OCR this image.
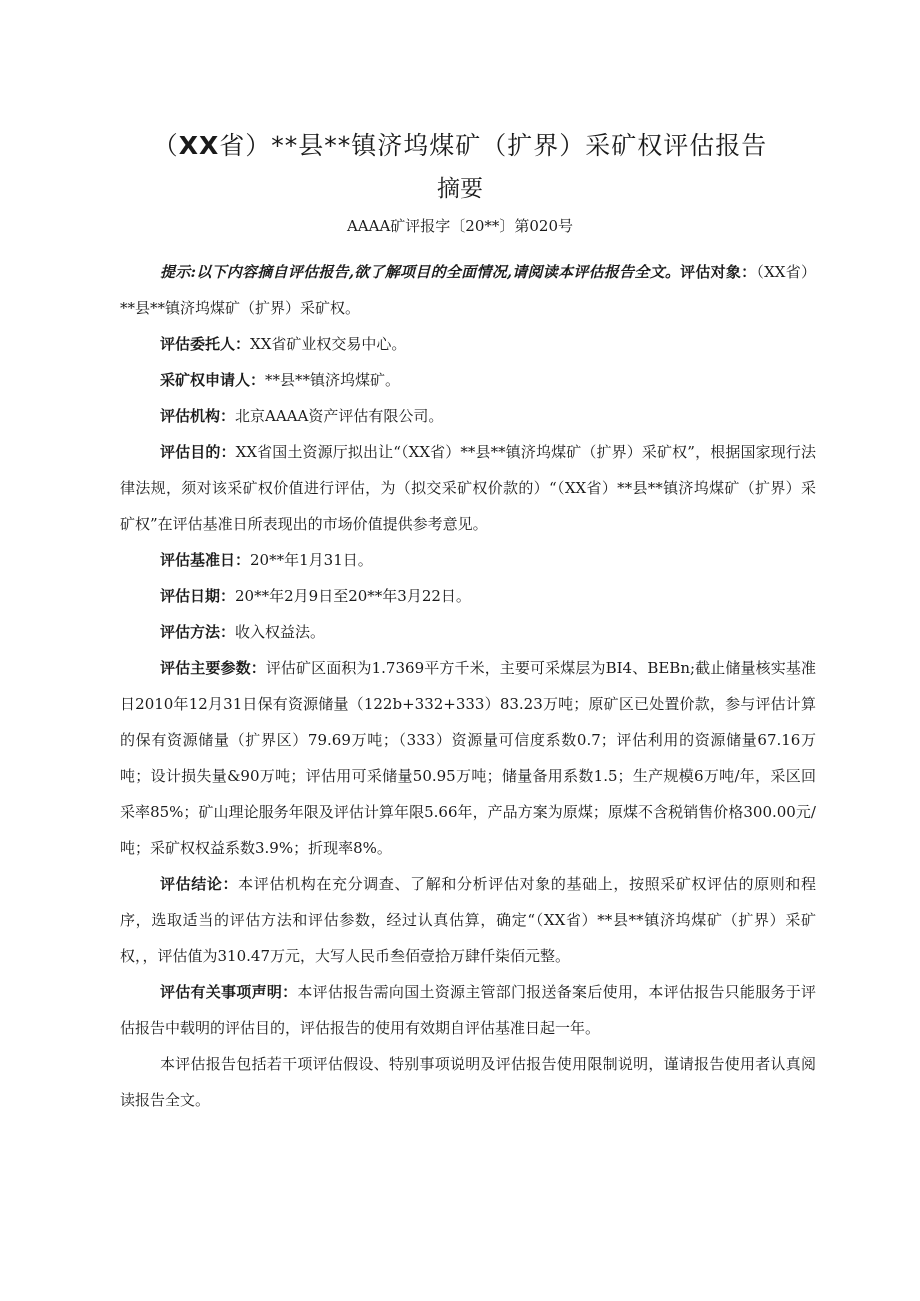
（XX省）**县**镇济坞煤矿（扩界）采矿权评估报告
摘要
AAAA矿评报字〔20**〕第020号

提示:以下内容摘自评估报告,欲了解项目的全面情况,请阅读本评估报告全文。评估对象：（XX省）**县**镇济坞煤矿（扩界）采矿权。

评估委托人：XX省矿业权交易中心。

采矿权申请人：**县**镇济坞煤矿。

评估机构：北京AAAA资产评估有限公司。

评估目的：XX省国土资源厅拟出让“（XX省）**县**镇济坞煤矿（扩界）采矿权”，根据国家现行法律法规，须对该采矿权价值进行评估，为（拟交采矿权价款的）“（XX省）**县**镇济坞煤矿（扩界）采矿权”在评估基准日所表现出的市场价值提供参考意见。

评估基准日：20**年1月31日。

评估日期：20**年2月9日至20**年3月22日。

评估方法：收入权益法。

评估主要参数：评估矿区面积为1.7369平方千米，主要可采煤层为BI4、BEBn;截止储量核实基准日2010年12月31日保有资源储量（122b+332+333）83.23万吨；原矿区已处置价款，参与评估计算的保有资源储量（扩界区）79.69万吨；（333）资源量可信度系数0.7；评估利用的资源储量67.16万吨；设计损失量&90万吨；评估用可采储量50.95万吨；储量备用系数1.5；生产规模6万吨/年，采区回采率85%；矿山理论服务年限及评估计算年限5.66年，产品方案为原煤；原煤不含税销售价格300.00元/吨；采矿权权益系数3.9%；折现率8%。

评估结论：本评估机构在充分调查、了解和分析评估对象的基础上，按照采矿权评估的原则和程序，选取适当的评估方法和评估参数，经过认真估算，确定“（XX省）**县**镇济坞煤矿（扩界）采矿权，，评估值为310.47万元，大写人民币叁佰壹拾万肆仟柒佰元整。

评估有关事项声明：本评估报告需向国土资源主管部门报送备案后使用，本评估报告只能服务于评估报告中载明的评估目的，评估报告的使用有效期自评估基准日起一年。

本评估报告包括若干项评估假设、特别事项说明及评估报告使用限制说明，谨请报告使用者认真阅读报告全文。
